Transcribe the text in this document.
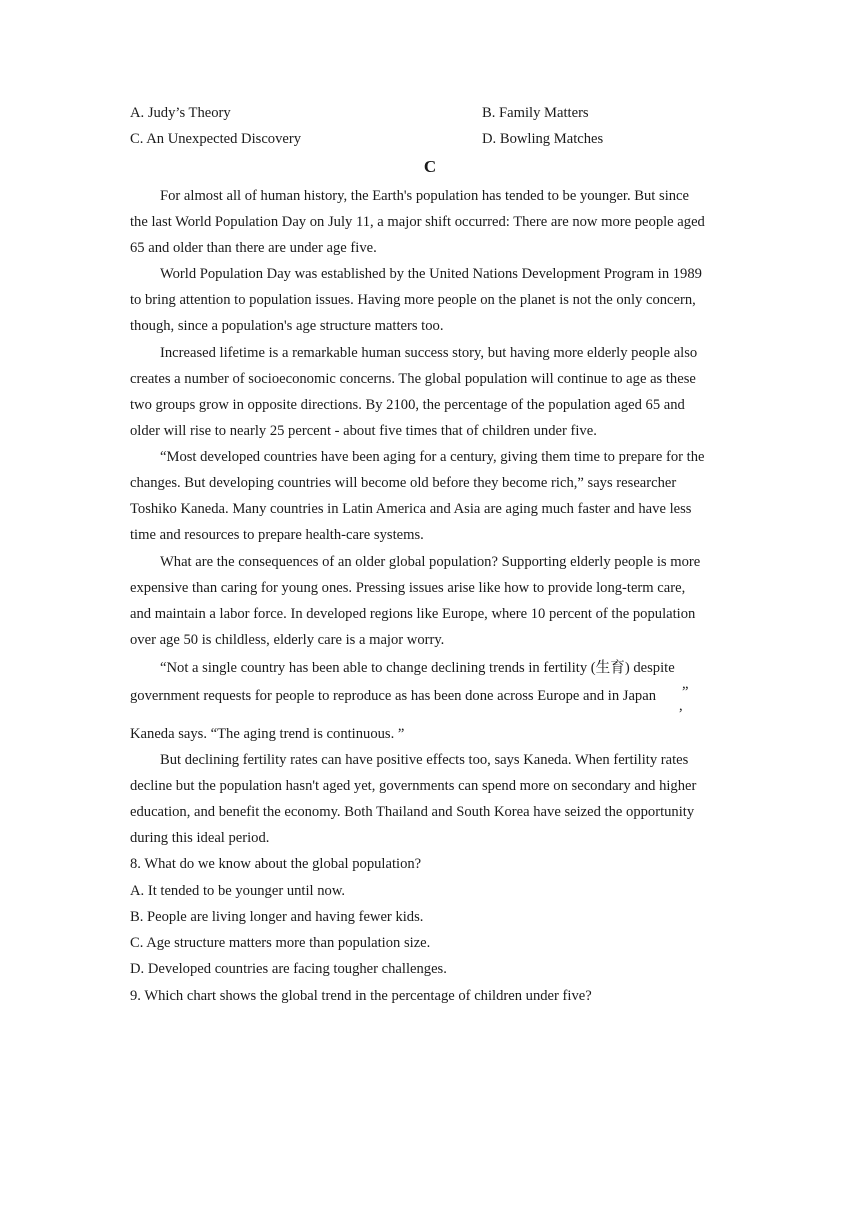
A. Judy’s Theory	B. Family Matters
C. An Unexpected Discovery	D. Bowling Matches
C
For almost all of human history, the Earth's population has tended to be younger. But since
the last World Population Day on July 11, a major shift occurred: There are now more people aged
65 and older than there are under age five.
World Population Day was established by the United Nations Development Program in 1989
to bring attention to population issues. Having more people on the planet is not the only concern,
though, since a population's age structure matters too.
Increased lifetime is a remarkable human success story, but having more elderly people also
creates a number of socioeconomic concerns. The global population will continue to age as these
two groups grow in opposite directions. By 2100, the percentage of the population aged 65 and
older will rise to nearly 25 percent - about five times that of children under five.
“Most developed countries have been aging for a century, giving them time to prepare for the
changes. But developing countries will become old before they become rich,” says researcher
Toshiko Kaneda. Many countries in Latin America and Asia are aging much faster and have less
time and resources to prepare health-care systems.
What are the consequences of an older global population? Supporting elderly people is more
expensive than caring for young ones. Pressing issues arise like how to provide long-term care,
and maintain a labor force. In developed regions like Europe, where 10 percent of the population
over age 50 is childless, elderly care is a major worry.
“Not a single country has been able to change declining trends in fertility (生育) despite
government requests for people to reproduce as has been done across Europe and in Japan ”
,
Kaneda says. “The aging trend is continuous. ”
But declining fertility rates can have positive effects too, says Kaneda. When fertility rates
decline but the population hasn't aged yet, governments can spend more on secondary and higher
education, and benefit the economy. Both Thailand and South Korea have seized the opportunity
during this ideal period.
8. What do we know about the global population?
A. It tended to be younger until now.
B. People are living longer and having fewer kids.
C. Age structure matters more than population size.
D. Developed countries are facing tougher challenges.
9. Which chart shows the global trend in the percentage of children under five?
